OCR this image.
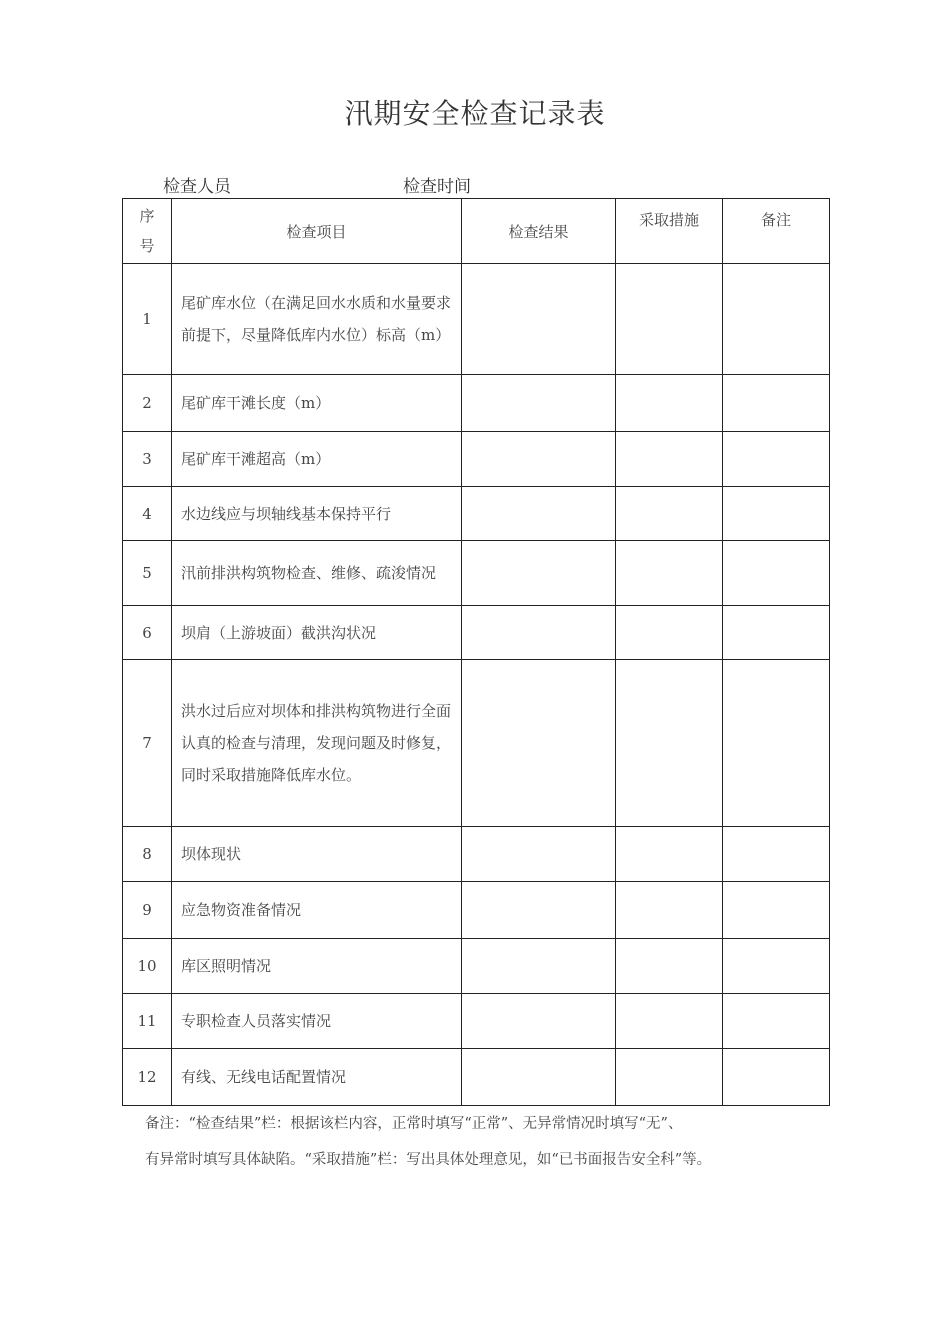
汛期安全检查记录表
检查人员	检查时间
序
号	检查项目	检查结果	采取措施	备注
1	尾矿库水位（在满足回水水质和水量要求前提下，尽量降低库内水位）标高（m）			
2	尾矿库干滩长度（m）			
3	尾矿库干滩超高（m）			
4	水边线应与坝轴线基本保持平行			
5	汛前排洪构筑物检查、维修、疏浚情况			
6	坝肩（上游坡面）截洪沟状况			
7	洪水过后应对坝体和排洪构筑物进行全面认真的检查与清理，发现问题及时修复，同时采取措施降低库水位。			
8	坝体现状			
9	应急物资准备情况			
10	库区照明情况			
11	专职检查人员落实情况			
12	有线、无线电话配置情况			
备注：“检查结果”栏：根据该栏内容，正常时填写“正常”、无异常情况时填写“无”、
有异常时填写具体缺陷。“采取措施”栏：写出具体处理意见，如“已书面报告安全科”等。
